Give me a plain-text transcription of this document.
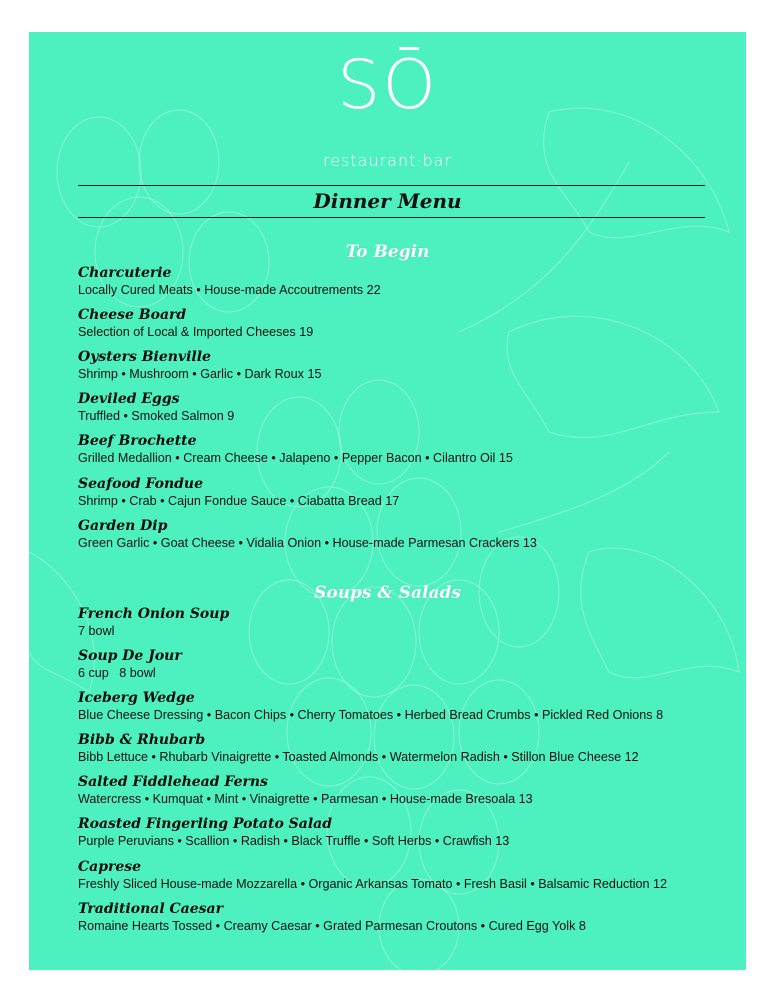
SŌ
restaurant·bar
Dinner Menu
To Begin
Charcuterie
Locally Cured Meats • House-made Accoutrements 22
Cheese Board
Selection of Local & Imported Cheeses 19
Oysters Bienville
Shrimp • Mushroom • Garlic • Dark Roux 15
Deviled Eggs
Truffled • Smoked Salmon 9
Beef Brochette
Grilled Medallion • Cream Cheese • Jalapeno • Pepper Bacon • Cilantro Oil 15
Seafood Fondue
Shrimp • Crab • Cajun Fondue Sauce • Ciabatta Bread 17
Garden Dip
Green Garlic • Goat Cheese • Vidalia Onion • House-made Parmesan Crackers 13
Soups & Salads
French Onion Soup
7 bowl
Soup De Jour
6 cup   8 bowl
Iceberg Wedge
Blue Cheese Dressing • Bacon Chips • Cherry Tomatoes • Herbed Bread Crumbs • Pickled Red Onions 8
Bibb & Rhubarb
Bibb Lettuce • Rhubarb Vinaigrette • Toasted Almonds • Watermelon Radish • Stillon Blue Cheese 12
Salted Fiddlehead Ferns
Watercress • Kumquat • Mint • Vinaigrette • Parmesan • House-made Bresoala 13
Roasted Fingerling Potato Salad
Purple Peruvians • Scallion • Radish • Black Truffle • Soft Herbs • Crawfish 13
Caprese
Freshly Sliced House-made Mozzarella • Organic Arkansas Tomato • Fresh Basil • Balsamic Reduction 12
Traditional Caesar
Romaine Hearts Tossed • Creamy Caesar • Grated Parmesan Croutons • Cured Egg Yolk 8
